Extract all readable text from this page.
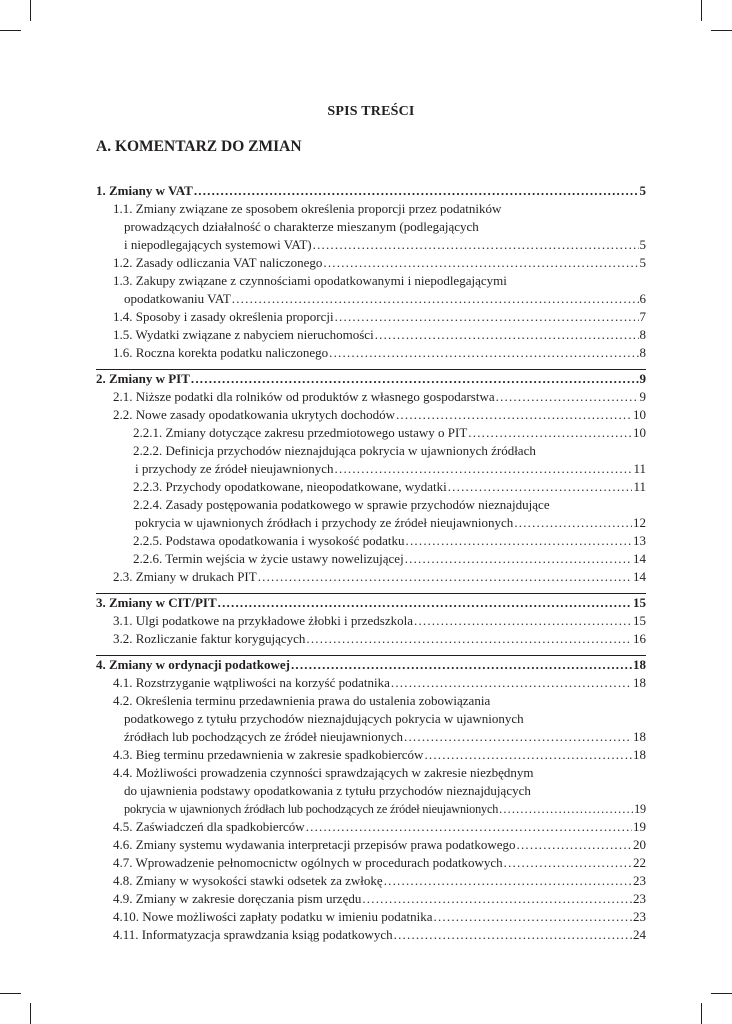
SPIS TREŚCI
A. KOMENTARZ DO ZMIAN
1. Zmiany w VAT .....	5
1.1. Zmiany związane ze sposobem określenia proporcji przez podatników
prowadzących działalność o charakterze mieszanym (podlegających
i niepodlegających systemowi VAT) .....	5
1.2. Zasady odliczania VAT naliczonego .....	5
1.3. Zakupy związane z czynnościami opodatkowanymi i niepodlegającymi
opodatkowaniu VAT .....	6
1.4. Sposoby i zasady określenia proporcji .....	7
1.5. Wydatki związane z nabyciem nieruchomości .....	8
1.6. Roczna korekta podatku naliczonego .....	8
2. Zmiany w PIT .....	9
2.1. Niższe podatki dla rolników od produktów z własnego gospodarstwa .....	9
2.2. Nowe zasady opodatkowania ukrytych dochodów .....	10
2.2.1. Zmiany dotyczące zakresu przedmiotowego ustawy o PIT .....	10
2.2.2. Definicja przychodów nieznajdująca pokrycia w ujawnionych źródłach
i przychody ze źródeł nieujawnionych .....	11
2.2.3. Przychody opodatkowane, nieopodatkowane, wydatki .....	11
2.2.4. Zasady postępowania podatkowego w sprawie przychodów nieznajdujące
pokrycia w ujawnionych źródłach i przychody ze źródeł nieujawnionych .....	12
2.2.5. Podstawa opodatkowania i wysokość podatku .....	13
2.2.6. Termin wejścia w życie ustawy nowelizującej .....	14
2.3. Zmiany w drukach PIT .....	14
3. Zmiany w CIT/PIT .....	15
3.1. Ulgi podatkowe na przykładowe żłobki i przedszkola .....	15
3.2. Rozliczanie faktur korygujących .....	16
4. Zmiany w ordynacji podatkowej .....	18
4.1. Rozstrzyganie wątpliwości na korzyść podatnika .....	18
4.2. Określenia terminu przedawnienia prawa do ustalenia zobowiązania
podatkowego z tytułu przychodów nieznajdujących pokrycia w ujawnionych
źródłach lub pochodzących ze źródeł nieujawnionych .....	18
4.3. Bieg terminu przedawnienia w zakresie spadkobierców .....	18
4.4. Możliwości prowadzenia czynności sprawdzających w zakresie niezbędnym
do ujawnienia podstawy opodatkowania z tytułu przychodów nieznajdujących
pokrycia w ujawnionych źródłach lub pochodzących ze źródeł nieujawnionych .....	19
4.5. Zaświadczeń dla spadkobierców .....	19
4.6. Zmiany systemu wydawania interpretacji przepisów prawa podatkowego .....	20
4.7. Wprowadzenie pełnomocnictw ogólnych w procedurach podatkowych .....	22
4.8. Zmiany w wysokości stawki odsetek za zwłokę .....	23
4.9. Zmiany w zakresie doręczania pism urzędu .....	23
4.10. Nowe możliwości zapłaty podatku w imieniu podatnika .....	23
4.11. Informatyzacja sprawdzania ksiąg podatkowych .....	24
